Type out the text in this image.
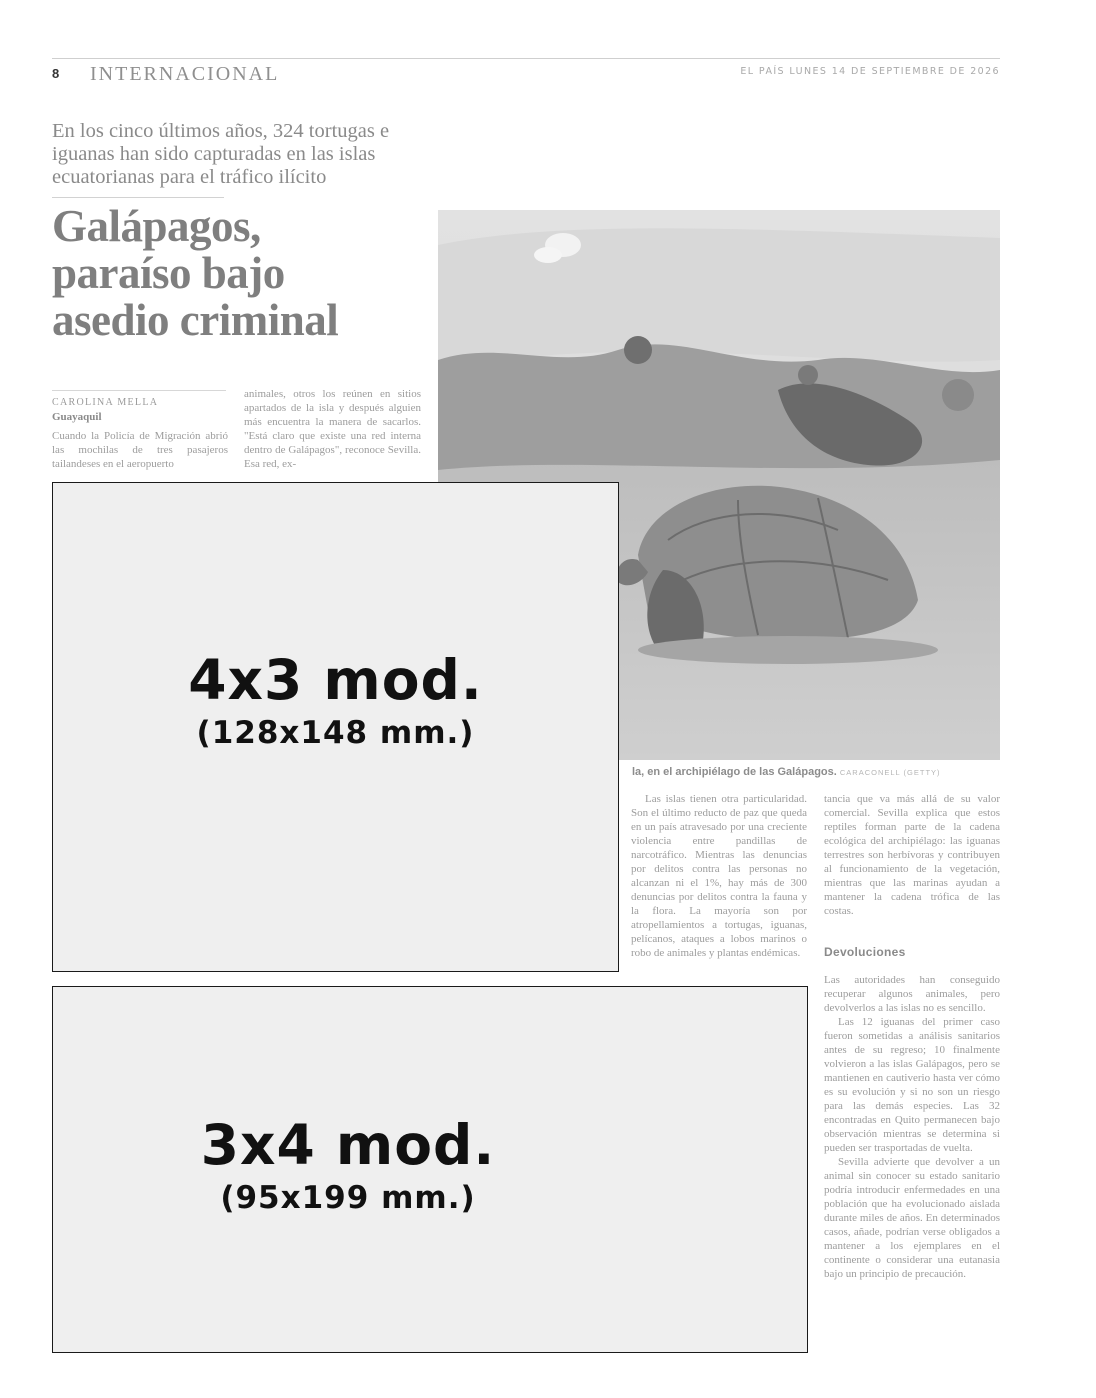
8 INTERNACIONAL	EL PAÍS LUNES 14 DE SEPTIEMBRE DE 2026
En los cinco últimos años, 324 tortugas e iguanas han sido capturadas en las islas ecuatorianas para el tráfico ilícito
Galápagos,
paraíso bajo
asedio criminal
CAROLINA MELLA
Guayaquil

Cuando la Policía de Migración abrió las mochilas de tres pasajeros tailandeses en el aeropuerto

animales, otros los reúnen en sitios apartados de la isla y después alguien más encuentra la manera de sacarlos. "Está claro que existe una red interna dentro de Galápagos", reconoce Sevilla. Esa red, ex-

la, en el archipiélago de las Galápagos. CARACONELL (GETTY)

Las islas tienen otra particularidad. Son el último reducto de paz que queda en un país atravesado por una creciente violencia entre pandillas de narcotráfico. Mientras las denuncias por delitos contra las personas no alcanzan ni el 1%, hay más de 300 denuncias por delitos contra la fauna y la flora. La mayoría son por atropellamientos a tortugas, iguanas, pelícanos, ataques a lobos marinos o robo de animales y plantas endémicas.

tancia que va más allá de su valor comercial. Sevilla explica que estos reptiles forman parte de la cadena ecológica del archipiélago: las iguanas terrestres son herbívoras y contribuyen al funcionamiento de la vegetación, mientras que las marinas ayudan a mantener la cadena trófica de las costas.

Devoluciones

Las autoridades han conseguido recuperar algunos animales, pero devolverlos a las islas no es sencillo.

Las 12 iguanas del primer caso fueron sometidas a análisis sanitarios antes de su regreso; 10 finalmente volvieron a las islas Galápagos, pero se mantienen en cautiverio hasta ver cómo es su evolución y si no son un riesgo para las demás especies. Las 32 encontradas en Quito permanecen bajo observación mientras se determina si pueden ser trasportadas de vuelta.

Sevilla advierte que devolver a un animal sin conocer su estado sanitario podría introducir enfermedades en una población que ha evolucionado aislada durante miles de años. En determinados casos, añade, podrían verse obligados a mantener a los ejemplares en el continente o considerar una eutanasia bajo un principio de precaución.

4x3 mod.
(128x148 mm.)
3x4 mod.
(95x199 mm.)
